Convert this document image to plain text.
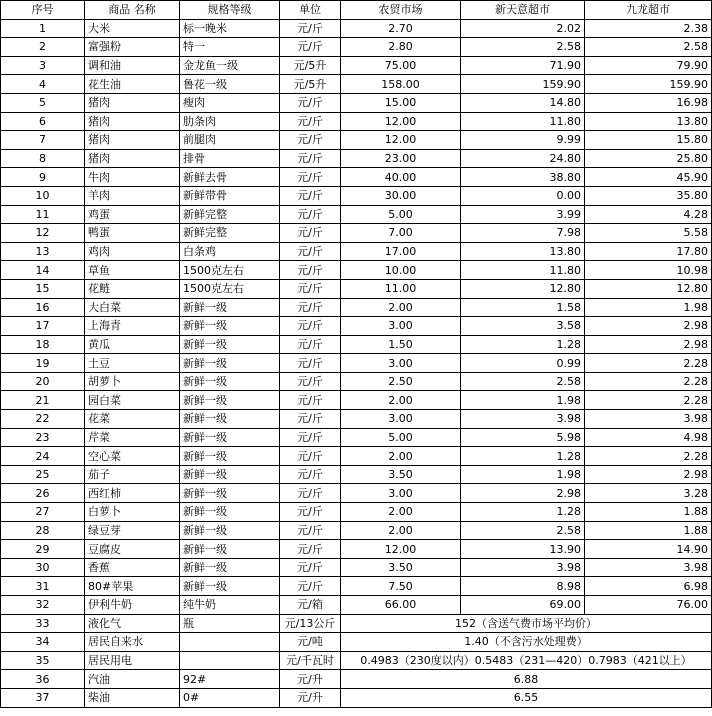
序号	商品 名称	规格等级	单位	农贸市场	新天意超市	九龙超市
1	大米	标一晚米	元/斤	2.70	2.02	2.38
2	富强粉	特一	元/斤	2.80	2.58	2.58
3	调和油	金龙鱼一级	元/5升	75.00	71.90	79.90
4	花生油	鲁花一级	元/5升	158.00	159.90	159.90
5	猪肉	瘦肉	元/斤	15.00	14.80	16.98
6	猪肉	肋条肉	元/斤	12.00	11.80	13.80
7	猪肉	前腿肉	元/斤	12.00	9.99	15.80
8	猪肉	排骨	元/斤	23.00	24.80	25.80
9	牛肉	新鲜去骨	元/斤	40.00	38.80	45.90
10	羊肉	新鲜带骨	元/斤	30.00	0.00	35.80
11	鸡蛋	新鲜完整	元/斤	5.00	3.99	4.28
12	鸭蛋	新鲜完整	元/斤	7.00	7.98	5.58
13	鸡肉	白条鸡	元/斤	17.00	13.80	17.80
14	草鱼	1500克左右	元/斤	10.00	11.80	10.98
15	花鲢	1500克左右	元/斤	11.00	12.80	12.80
16	大白菜	新鲜一级	元/斤	2.00	1.58	1.98
17	上海青	新鲜一级	元/斤	3.00	3.58	2.98
18	黄瓜	新鲜一级	元/斤	1.50	1.28	2.98
19	土豆	新鲜一级	元/斤	3.00	0.99	2.28
20	胡萝卜	新鲜一级	元/斤	2.50	2.58	2.28
21	园白菜	新鲜一级	元/斤	2.00	1.98	2.28
22	花菜	新鲜一级	元/斤	3.00	3.98	3.98
23	芹菜	新鲜一级	元/斤	5.00	5.98	4.98
24	空心菜	新鲜一级	元/斤	2.00	1.28	2.28
25	茄子	新鲜一级	元/斤	3.50	1.98	2.98
26	西红柿	新鲜一级	元/斤	3.00	2.98	3.28
27	白萝卜	新鲜一级	元/斤	2.00	1.28	1.88
28	绿豆芽	新鲜一级	元/斤	2.00	2.58	1.88
29	豆腐皮	新鲜一级	元/斤	12.00	13.90	14.90
30	香蕉	新鲜一级	元/斤	3.50	3.98	3.98
31	80#苹果	新鲜一级	元/斤	7.50	8.98	6.98
32	伊利牛奶	纯牛奶	元/箱	66.00	69.00	76.00
33	液化气	瓶	元/13公斤	152（含送气费市场平均价）		
34	居民自来水		元/吨	1.40（不含污水处理费）		
35	居民用电		元/千瓦时	0.4983（230度以内）0.5483（231—420）0.7983（421以上）		
36	汽油	92#	元/升	6.88		
37	柴油	0#	元/升	6.55		
